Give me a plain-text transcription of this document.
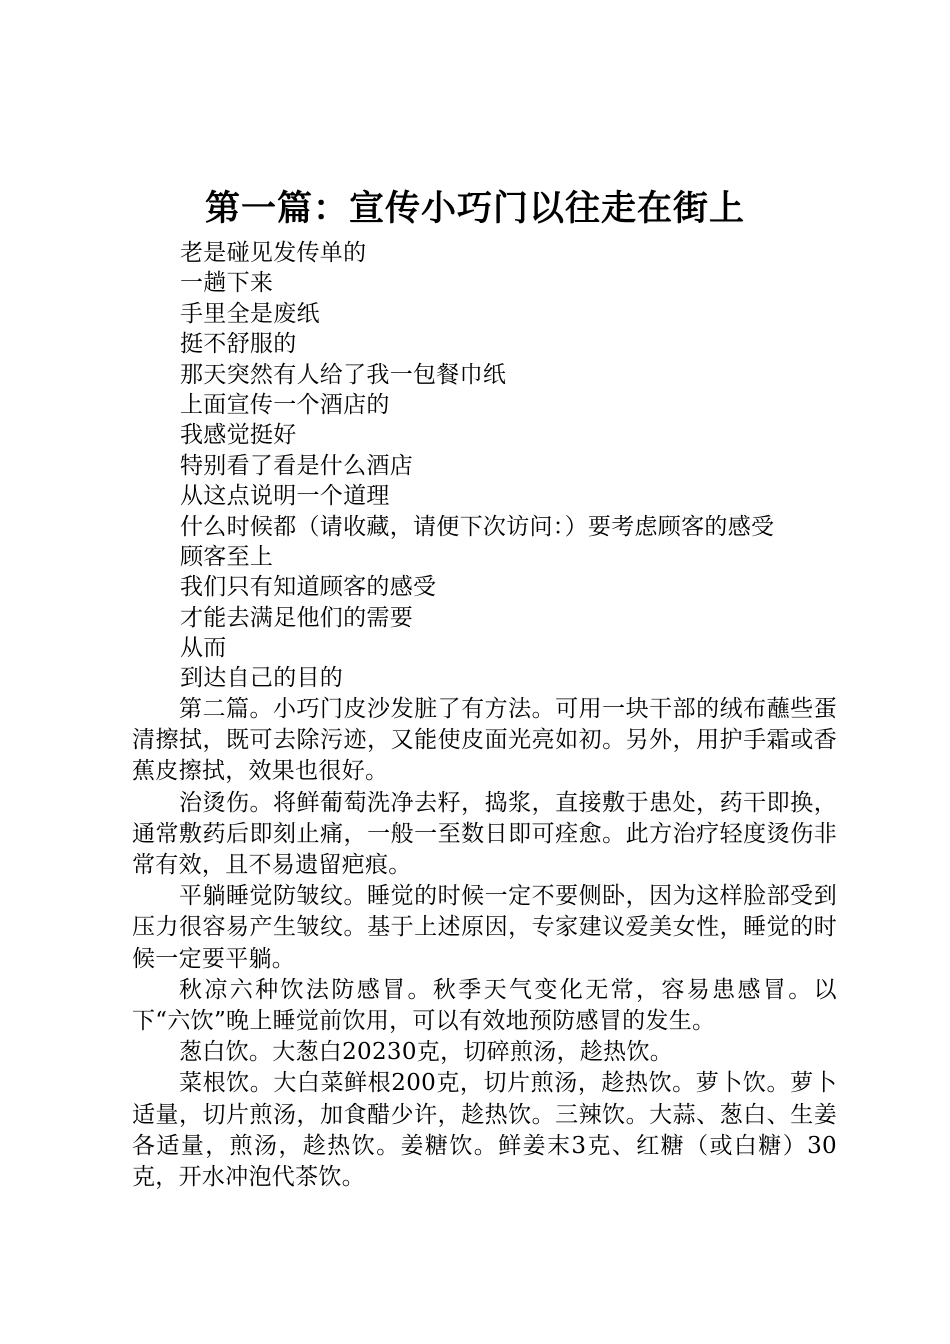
第一篇：宣传小巧门以往走在街上
老是碰见发传单的
一趟下来
手里全是废纸
挺不舒服的
那天突然有人给了我一包餐巾纸
上面宣传一个酒店的
我感觉挺好
特别看了看是什么酒店
从这点说明一个道理
什么时候都（请收藏，请便下次访问：）要考虑顾客的感受
顾客至上
我们只有知道顾客的感受
才能去满足他们的需要
从而
到达自己的目的

第二篇。小巧门皮沙发脏了有方法。可用一块干部的绒布蘸些蛋清擦拭，既可去除污迹，又能使皮面光亮如初。另外，用护手霜或香蕉皮擦拭，效果也很好。

治烫伤。将鲜葡萄洗净去籽，捣浆，直接敷于患处，药干即换，通常敷药后即刻止痛，一般一至数日即可痊愈。此方治疗轻度烫伤非常有效，且不易遗留疤痕。

平躺睡觉防皱纹。睡觉的时候一定不要侧卧，因为这样脸部受到压力很容易产生皱纹。基于上述原因，专家建议爱美女性，睡觉的时候一定要平躺。

秋凉六种饮法防感冒。秋季天气变化无常，容易患感冒。以下“六饮”晚上睡觉前饮用，可以有效地预防感冒的发生。

葱白饮。大葱白20230克，切碎煎汤，趁热饮。

菜根饮。大白菜鲜根200克，切片煎汤，趁热饮。萝卜饮。萝卜适量，切片煎汤，加食醋少许，趁热饮。三辣饮。大蒜、葱白、生姜各适量，煎汤，趁热饮。姜糖饮。鲜姜末3克、红糖（或白糖）30克，开水冲泡代茶饮。
